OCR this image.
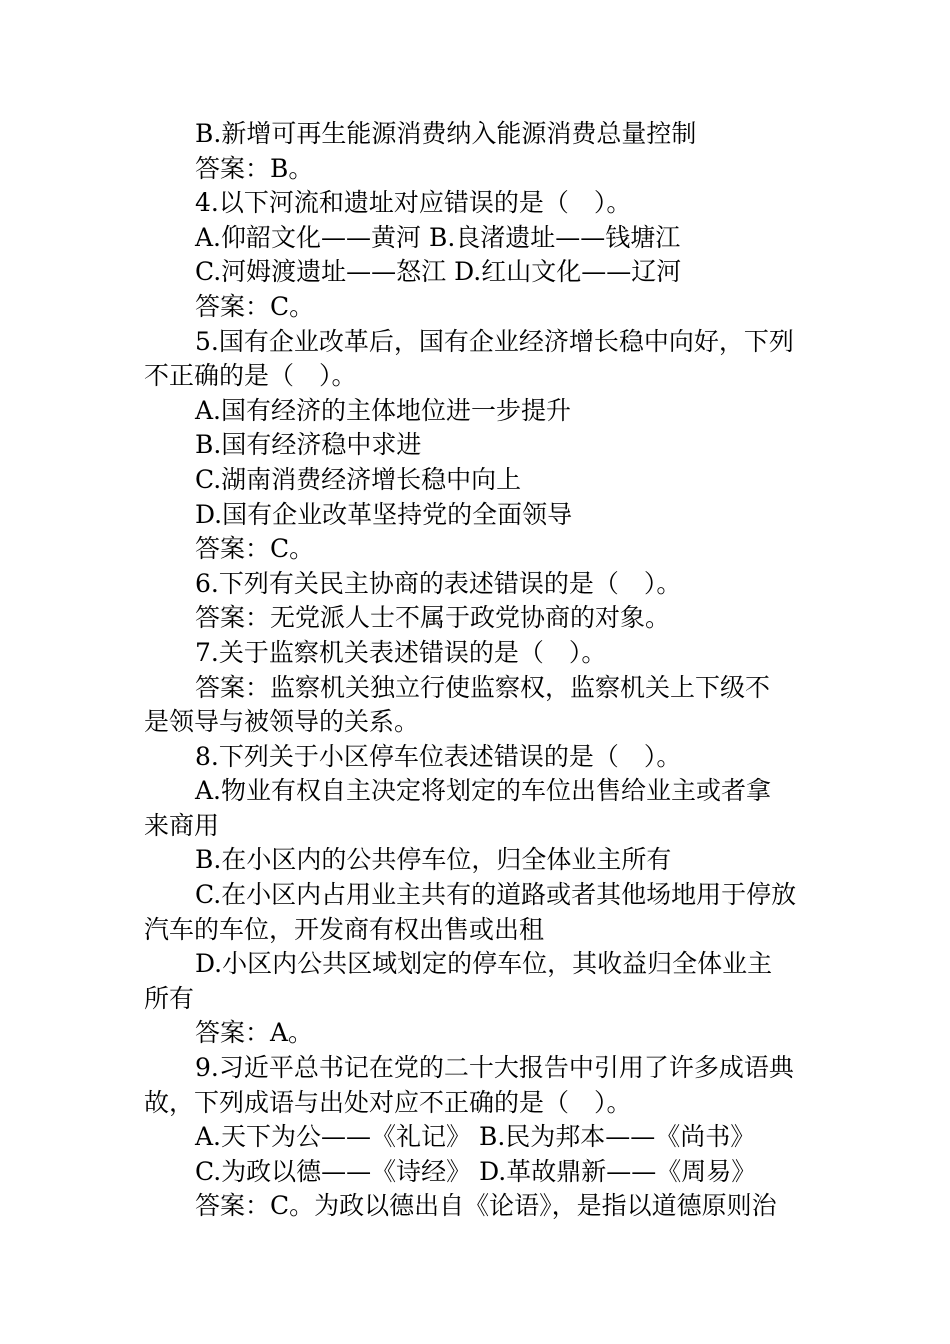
B.新增可再生能源消费纳入能源消费总量控制
答案：B。
4.以下河流和遗址对应错误的是（　）。
A.仰韶文化——黄河 B.良渚遗址——钱塘江
C.河姆渡遗址——怒江 D.红山文化——辽河
答案：C。
5.国有企业改革后，国有企业经济增长稳中向好，下列
不正确的是（　）。
A.国有经济的主体地位进一步提升
B.国有经济稳中求进
C.湖南消费经济增长稳中向上
D.国有企业改革坚持党的全面领导
答案：C。
6.下列有关民主协商的表述错误的是（　）。
答案：无党派人士不属于政党协商的对象。
7.关于监察机关表述错误的是（　）。
答案：监察机关独立行使监察权，监察机关上下级不
是领导与被领导的关系。
8.下列关于小区停车位表述错误的是（　）。
A.物业有权自主决定将划定的车位出售给业主或者拿
来商用
B.在小区内的公共停车位，归全体业主所有
C.在小区内占用业主共有的道路或者其他场地用于停放
汽车的车位，开发商有权出售或出租
D.小区内公共区域划定的停车位，其收益归全体业主
所有
答案：A。
9.习近平总书记在党的二十大报告中引用了许多成语典
故，下列成语与出处对应不正确的是（　）。
A.天下为公——《礼记》 B.民为邦本——《尚书》
C.为政以德——《诗经》 D.革故鼎新——《周易》
答案：C。为政以德出自《论语》，是指以道德原则治
